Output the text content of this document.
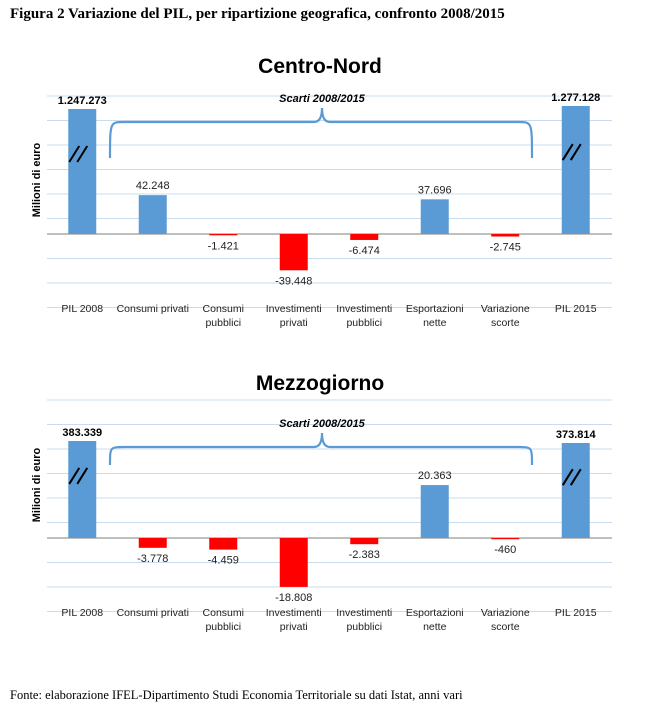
Figura 2 Variazione del PIL, per ripartizione geografica, confronto 2008/2015
Centro-Nord
Milioni di euro
Scarti 2008/2015
1.247.273
PIL 2008
42.248
Consumi privati
-1.421
Consumi
pubblici
-39.448
Investimenti
privati
-6.474
Investimenti
pubblici
37.696
Esportazioni
nette
-2.745
Variazione
scorte
1.277.128
PIL 2015
Mezzogiorno
Milioni di euro
Scarti 2008/2015
383.339
PIL 2008
-3.778
Consumi privati
-4.459
Consumi
pubblici
-18.808
Investimenti
privati
-2.383
Investimenti
pubblici
20.363
Esportazioni
nette
-460
Variazione
scorte
373.814
PIL 2015
Fonte: elaborazione IFEL-Dipartimento Studi Economia Territoriale su dati Istat, anni vari
